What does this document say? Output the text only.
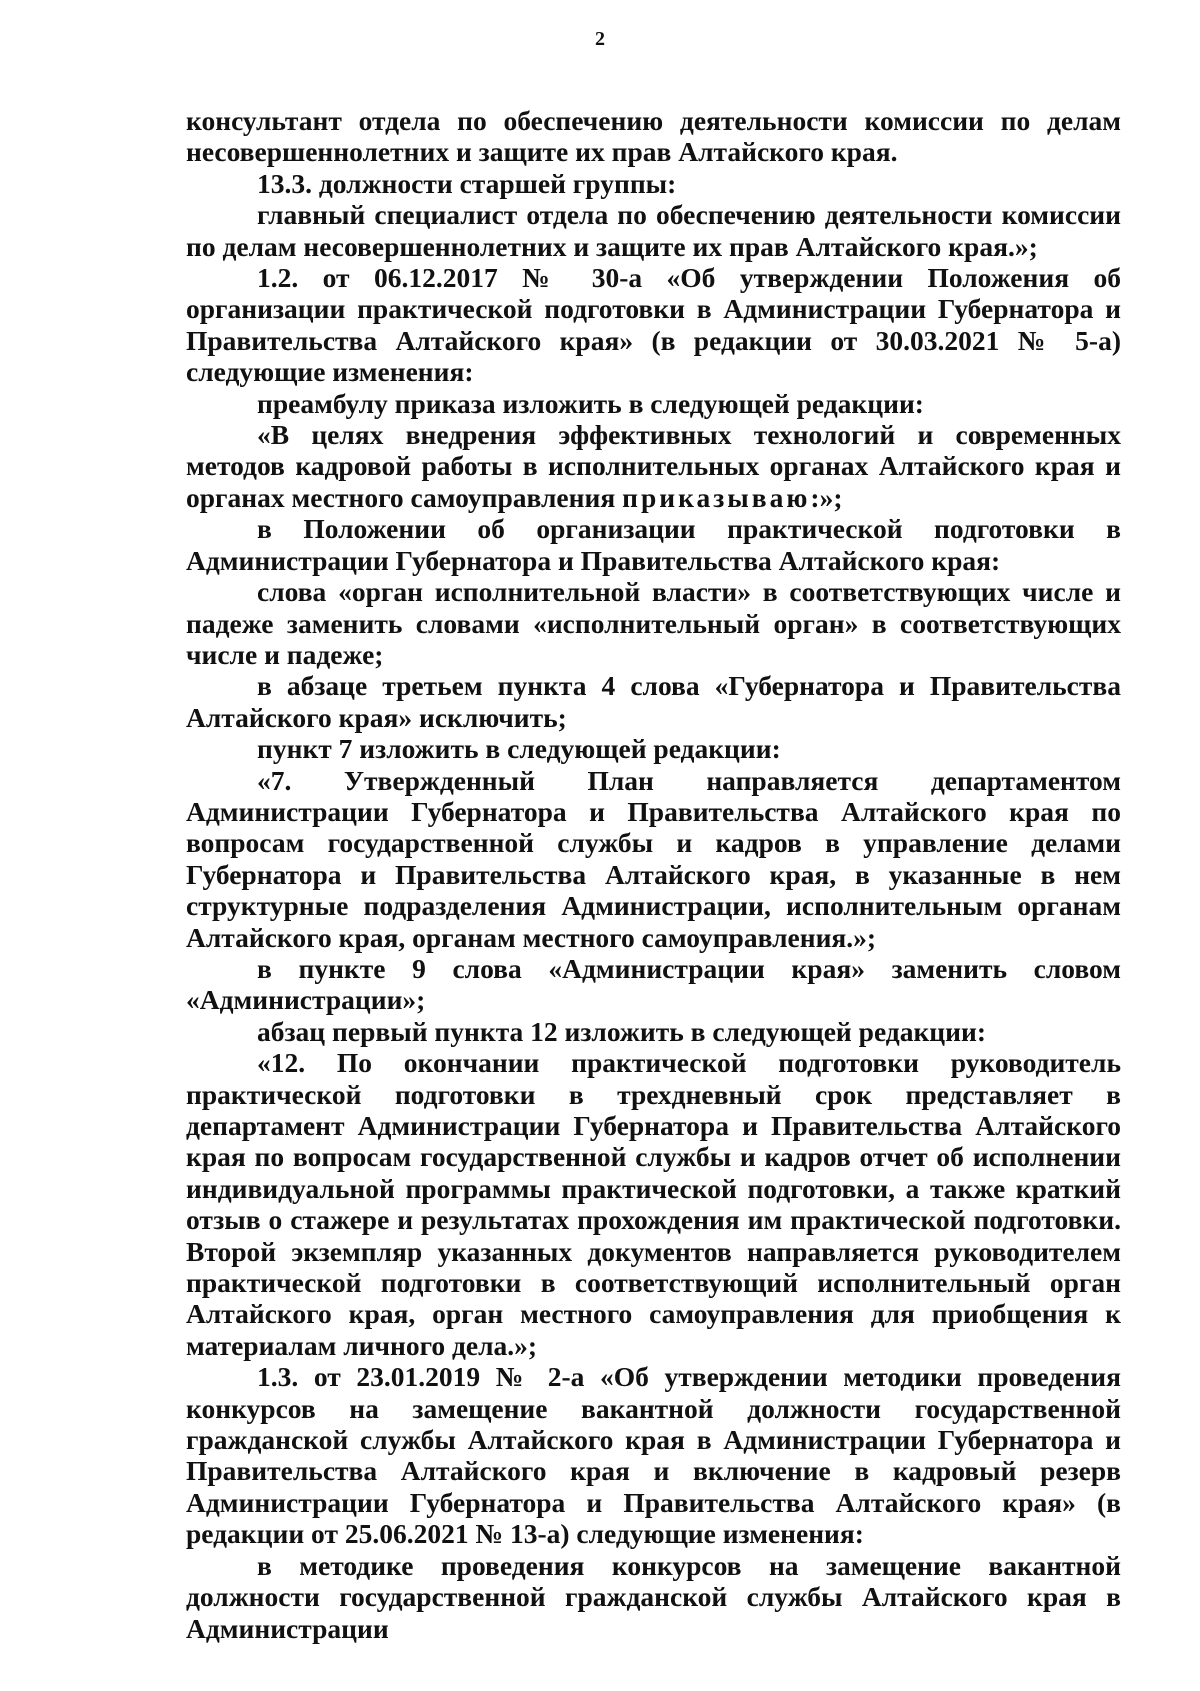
2

консультант отдела по обеспечению деятельности комиссии по делам несовершеннолетних и защите их прав Алтайского края.

13.3. должности старшей группы:

главный специалист отдела по обеспечению деятельности комиссии по делам несовершеннолетних и защите их прав Алтайского края.»;

1.2. от 06.12.2017 № 30-а «Об утверждении Положения об организации практической подготовки в Администрации Губернатора и Правительства Алтайского края» (в редакции от 30.03.2021 № 5-а) следующие изменения:

преамбулу приказа изложить в следующей редакции:

«В целях внедрения эффективных технологий и современных методов кадровой работы в исполнительных органах Алтайского края и органах местного самоуправления приказываю:»;

в Положении об организации практической подготовки в Администрации Губернатора и Правительства Алтайского края:

слова «орган исполнительной власти» в соответствующих числе и падеже заменить словами «исполнительный орган» в соответствующих числе и падеже;

в абзаце третьем пункта 4 слова «Губернатора и Правительства Алтайского края» исключить;

пункт 7 изложить в следующей редакции:

«7. Утвержденный План направляется департаментом Администрации Губернатора и Правительства Алтайского края по вопросам государственной службы и кадров в управление делами Губернатора и Правительства Алтайского края, в указанные в нем структурные подразделения Администрации, исполнительным органам Алтайского края, органам местного самоуправления.»;

в пункте 9 слова «Администрации края» заменить словом «Администрации»;

абзац первый пункта 12 изложить в следующей редакции:

«12. По окончании практической подготовки руководитель практической подготовки в трехдневный срок представляет в департамент Администрации Губернатора и Правительства Алтайского края по вопросам государственной службы и кадров отчет об исполнении индивидуальной программы практической подготовки, а также краткий отзыв о стажере и результатах прохождения им практической подготовки. Второй экземпляр указанных документов направляется руководителем практической подготовки в соответствующий исполнительный орган Алтайского края, орган местного самоуправления для приобщения к материалам личного дела.»;

1.3. от 23.01.2019 № 2-а «Об утверждении методики проведения конкурсов на замещение вакантной должности государственной гражданской службы Алтайского края в Администрации Губернатора и Правительства Алтайского края и включение в кадровый резерв Администрации Губернатора и Правительства Алтайского края» (в редакции от 25.06.2021 № 13-а) следующие изменения:

в методике проведения конкурсов на замещение вакантной должности государственной гражданской службы Алтайского края в Администрации
